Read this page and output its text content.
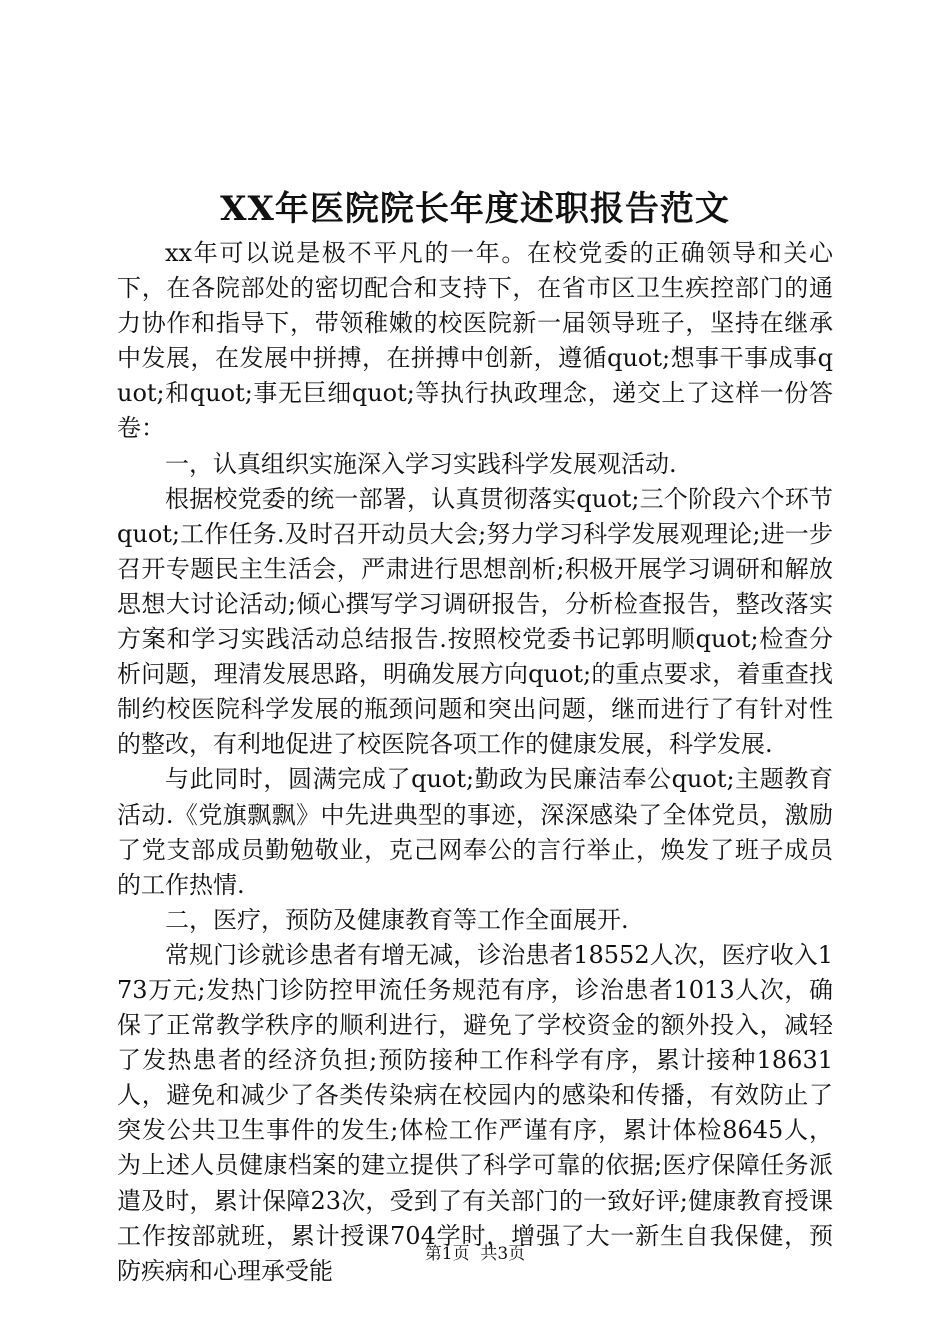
XX年医院院长年度述职报告范文

xx年可以说是极不平凡的一年。在校党委的正确领导和关心下，在各院部处的密切配合和支持下，在省市区卫生疾控部门的通力协作和指导下，带领稚嫩的校医院新一届领导班子，坚持在继承中发展，在发展中拼搏，在拼搏中创新，遵循quot;想事干事成事quot;和quot;事无巨细quot;等执行执政理念，递交上了这样一份答卷：

一，认真组织实施深入学习实践科学发展观活动.

根据校党委的统一部署，认真贯彻落实quot;三个阶段六个环节quot;工作任务.及时召开动员大会;努力学习科学发展观理论;进一步召开专题民主生活会，严肃进行思想剖析;积极开展学习调研和解放思想大讨论活动;倾心撰写学习调研报告，分析检查报告，整改落实方案和学习实践活动总结报告.按照校党委书记郭明顺quot;检查分析问题，理清发展思路，明确发展方向quot;的重点要求，着重查找制约校医院科学发展的瓶颈问题和突出问题，继而进行了有针对性的整改，有利地促进了校医院各项工作的健康发展，科学发展.

与此同时，圆满完成了quot;勤政为民廉洁奉公quot;主题教育活动.《党旗飘飘》中先进典型的事迹，深深感染了全体党员，激励了党支部成员勤勉敬业，克己网奉公的言行举止，焕发了班子成员的工作热情.

二，医疗，预防及健康教育等工作全面展开.

常规门诊就诊患者有增无减，诊治患者18552人次，医疗收入173万元;发热门诊防控甲流任务规范有序，诊治患者1013人次，确保了正常教学秩序的顺利进行，避免了学校资金的额外投入，减轻了发热患者的经济负担;预防接种工作科学有序，累计接种18631人，避免和减少了各类传染病在校园内的感染和传播，有效防止了突发公共卫生事件的发生;体检工作严谨有序，累计体检8645人，为上述人员健康档案的建立提供了科学可靠的依据;医疗保障任务派遣及时，累计保障23次，受到了有关部门的一致好评;健康教育授课工作按部就班，累计授课704学时，增强了大一新生自我保健，预防疾病和心理承受能

第1页 共3页
